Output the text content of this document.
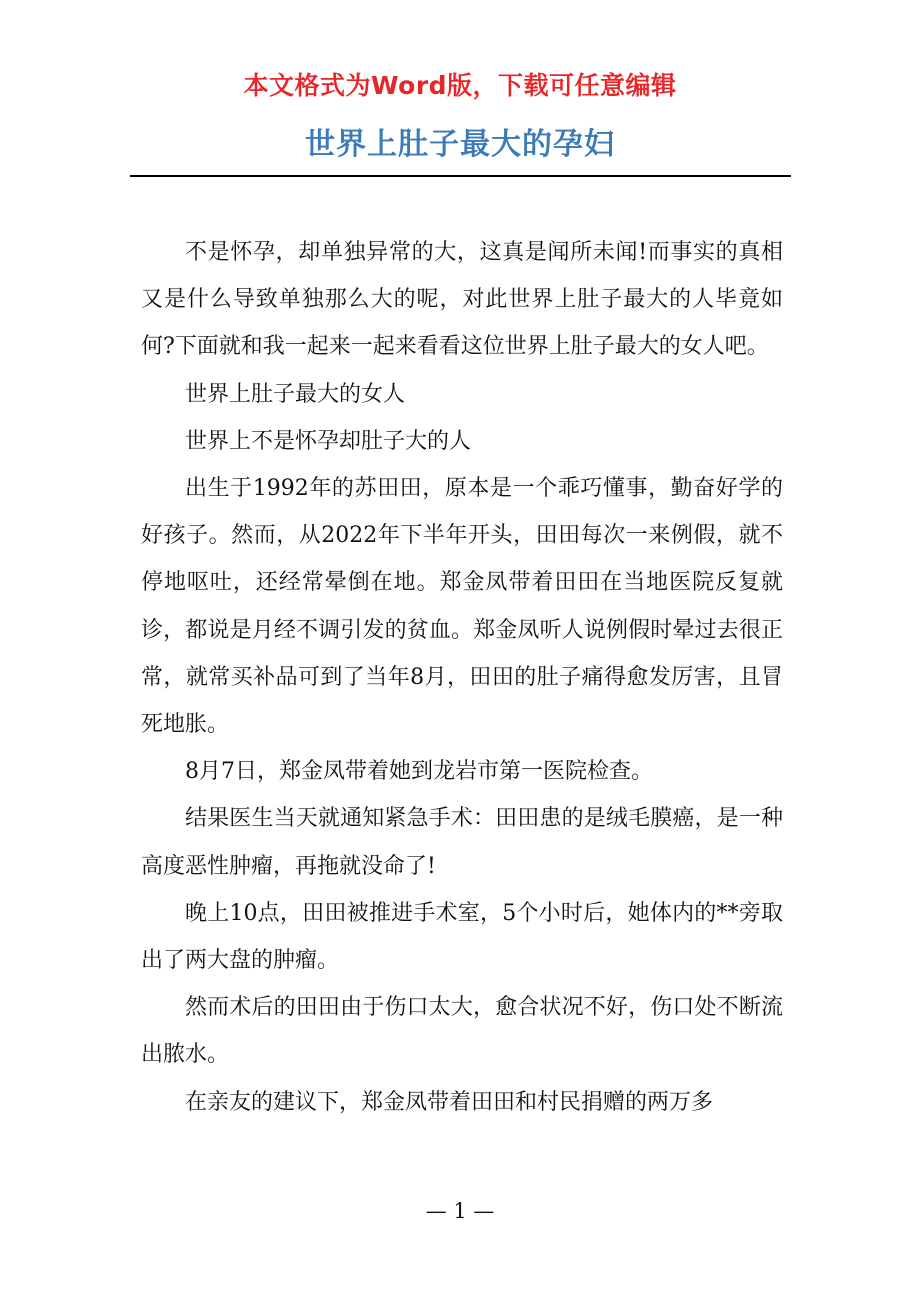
本文格式为Word版，下载可任意编辑
世界上肚子最大的孕妇

不是怀孕，却单独异常的大，这真是闻所未闻!而事实的真相又是什么导致单独那么大的呢，对此世界上肚子最大的人毕竟如何?下面就和我一起来一起来看看这位世界上肚子最大的女人吧。

世界上肚子最大的女人

世界上不是怀孕却肚子大的人

出生于1992年的苏田田，原本是一个乖巧懂事，勤奋好学的好孩子。然而，从2022年下半年开头，田田每次一来例假，就不停地呕吐，还经常晕倒在地。郑金凤带着田田在当地医院反复就诊，都说是月经不调引发的贫血。郑金凤听人说例假时晕过去很正常，就常买补品可到了当年8月，田田的肚子痛得愈发厉害，且冒死地胀。

8月7日，郑金凤带着她到龙岩市第一医院检查。

结果医生当天就通知紧急手术：田田患的是绒毛膜癌，是一种高度恶性肿瘤，再拖就没命了!

晚上10点，田田被推进手术室，5个小时后，她体内的**旁取出了两大盘的肿瘤。

然而术后的田田由于伤口太大，愈合状况不好，伤口处不断流出脓水。

在亲友的建议下，郑金凤带着田田和村民捐赠的两万多

— 1 —
